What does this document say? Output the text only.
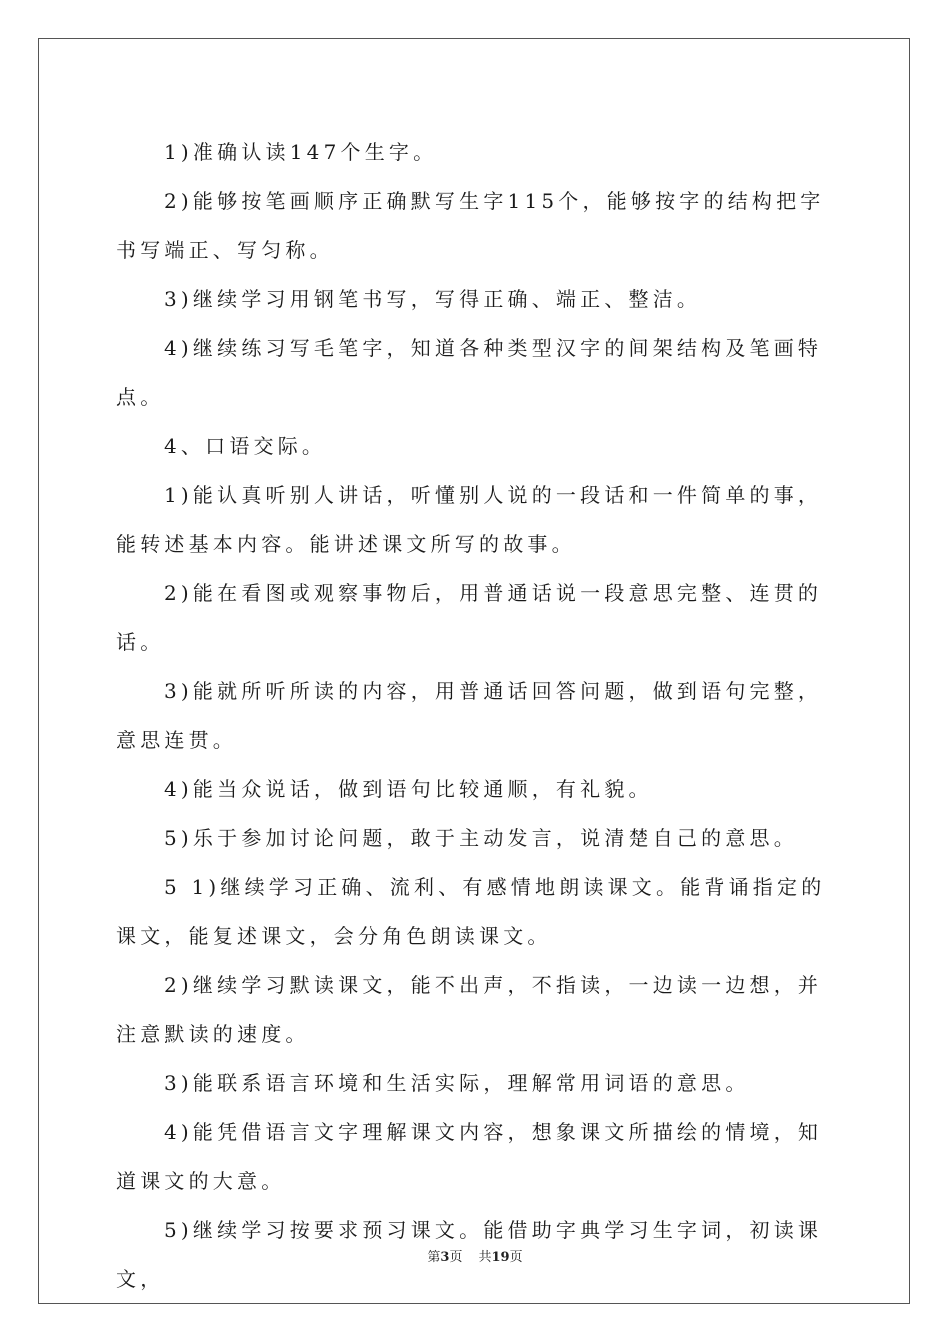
1)准确认读147个生字。

2)能够按笔画顺序正确默写生字115个，能够按字的结构把字书写端正、写匀称。

3)继续学习用钢笔书写，写得正确、端正、整洁。

4)继续练习写毛笔字，知道各种类型汉字的间架结构及笔画特点。

4、口语交际。

1)能认真听别人讲话，听懂别人说的一段话和一件简单的事，能转述基本内容。能讲述课文所写的故事。

2)能在看图或观察事物后，用普通话说一段意思完整、连贯的话。

3)能就所听所读的内容，用普通话回答问题，做到语句完整，意思连贯。

4)能当众说话，做到语句比较通顺，有礼貌。

5)乐于参加讨论问题，敢于主动发言，说清楚自己的意思。

5 1)继续学习正确、流利、有感情地朗读课文。能背诵指定的课文，能复述课文，会分角色朗读课文。

2)继续学习默读课文，能不出声，不指读，一边读一边想，并注意默读的速度。

3)能联系语言环境和生活实际，理解常用词语的意思。

4)能凭借语言文字理解课文内容，想象课文所描绘的情境，知道课文的大意。

5)继续学习按要求预习课文。能借助字典学习生字词，初读课文，

第3页 共19页
